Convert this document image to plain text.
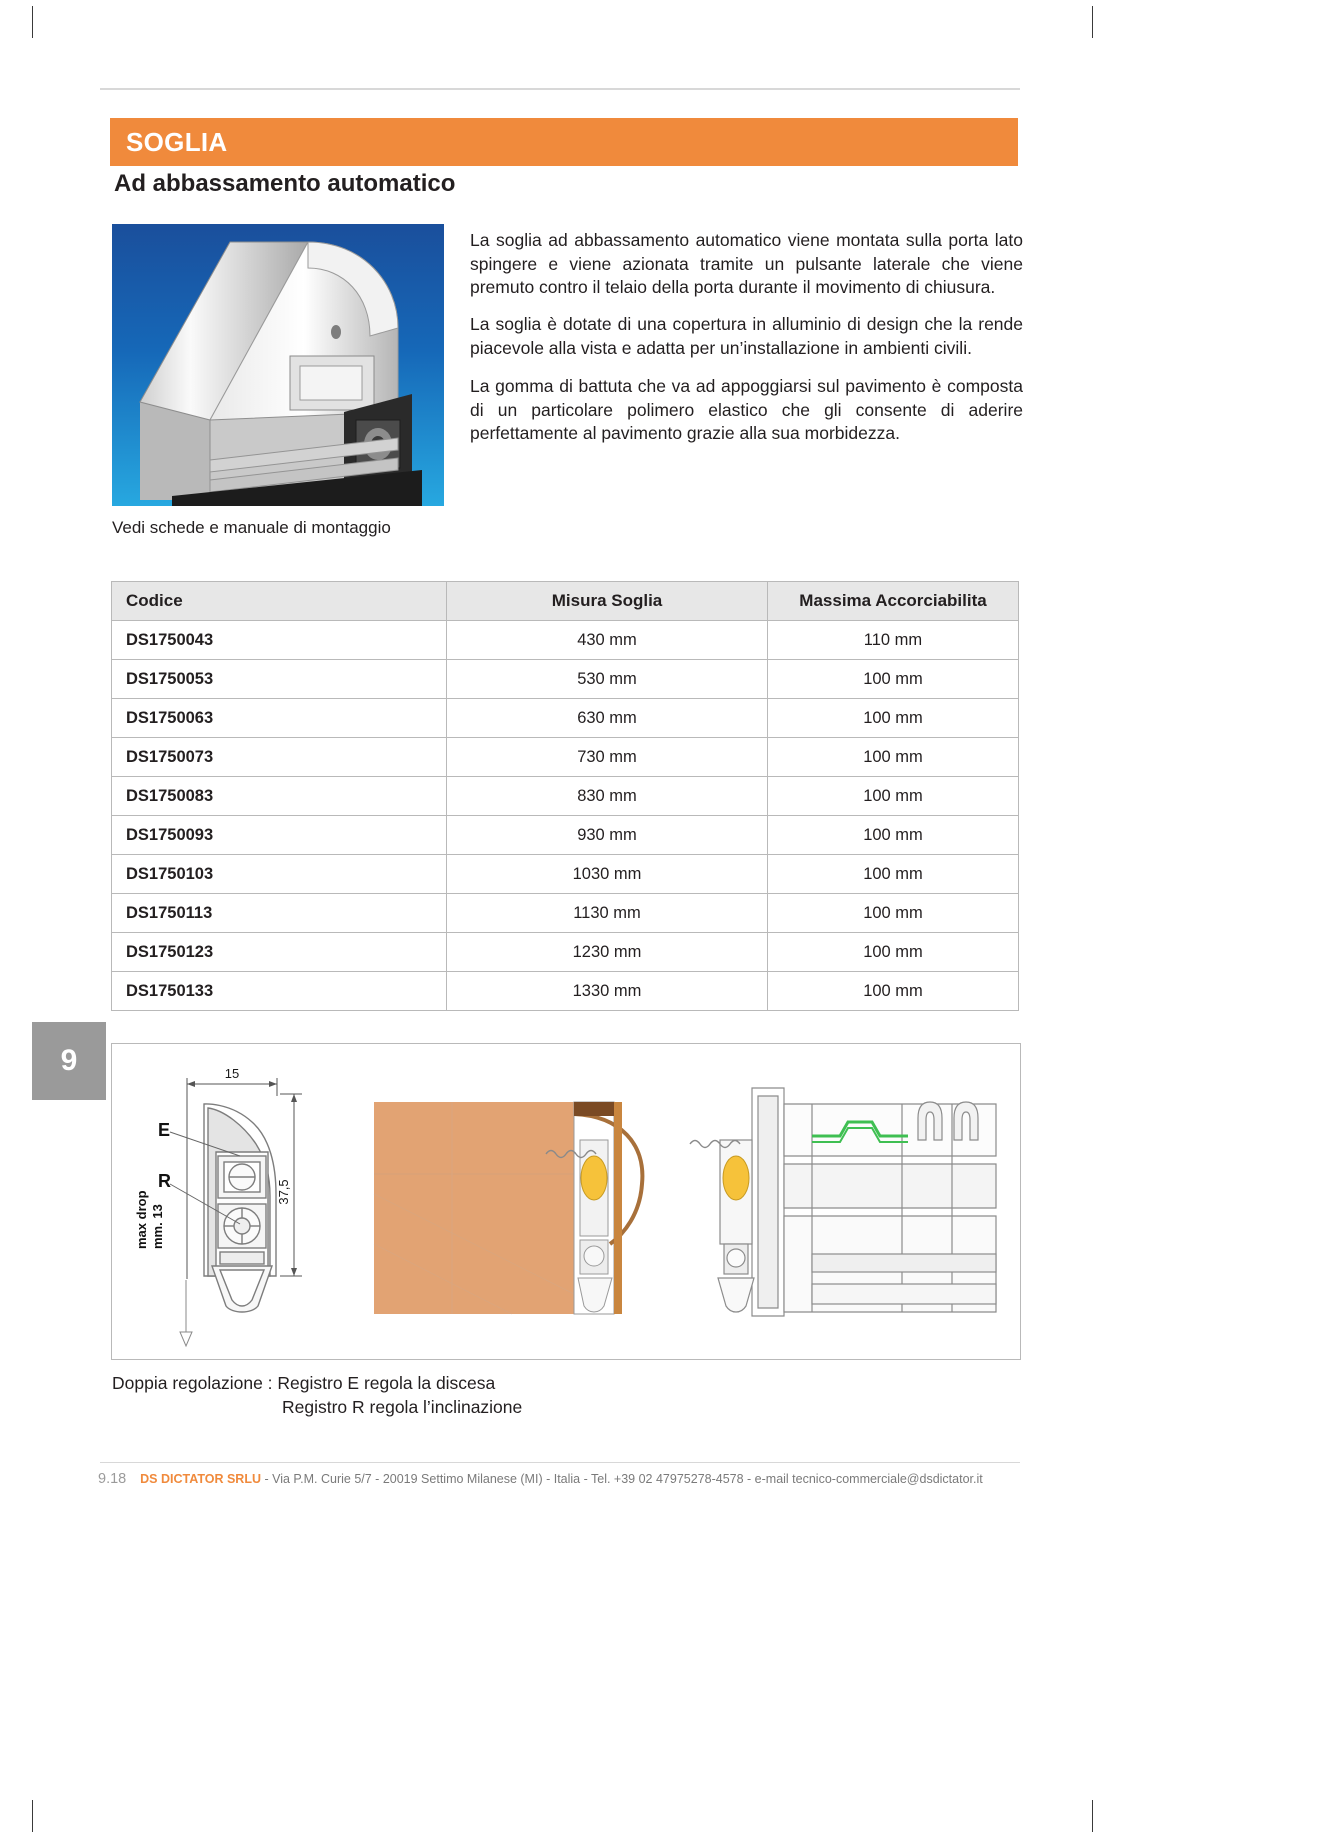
SOGLIA
Ad abbassamento automatico
Vedi schede e manuale di montaggio
La soglia ad abbassamento automatico viene montata sulla porta lato spingere e viene azionata tramite un pulsante laterale che viene premuto contro il telaio della porta durante il movimento di chiusura.
La soglia è dotate di una copertura in alluminio di design che la rende piacevole alla vista e adatta per un’installazione in ambienti civili.
La gomma di battuta che va ad appoggiarsi sul pavimento è composta di un particolare polimero elastico che gli consente di aderire perfettamente al pavimento grazie alla sua morbidezza.
Codice	Misura Soglia	Massima Accorciabilita
DS1750043	430 mm	110 mm
DS1750053	530 mm	100 mm
DS1750063	630 mm	100 mm
DS1750073	730 mm	100 mm
DS1750083	830 mm	100 mm
DS1750093	930 mm	100 mm
DS1750103	1030 mm	100 mm
DS1750113	1130 mm	100 mm
DS1750123	1230 mm	100 mm
DS1750133	1330 mm	100 mm
9	15
37,5
E
R
max drop mm. 13
Doppia regolazione : Registro E regola la discesa
Registro R regola l’inclinazione
9.18 DS DICTATOR SRLU - Via P.M. Curie 5/7 - 20019 Settimo Milanese (MI) - Italia - Tel. +39 02 47975278-4578 - e-mail tecnico-commerciale@dsdictator.it
